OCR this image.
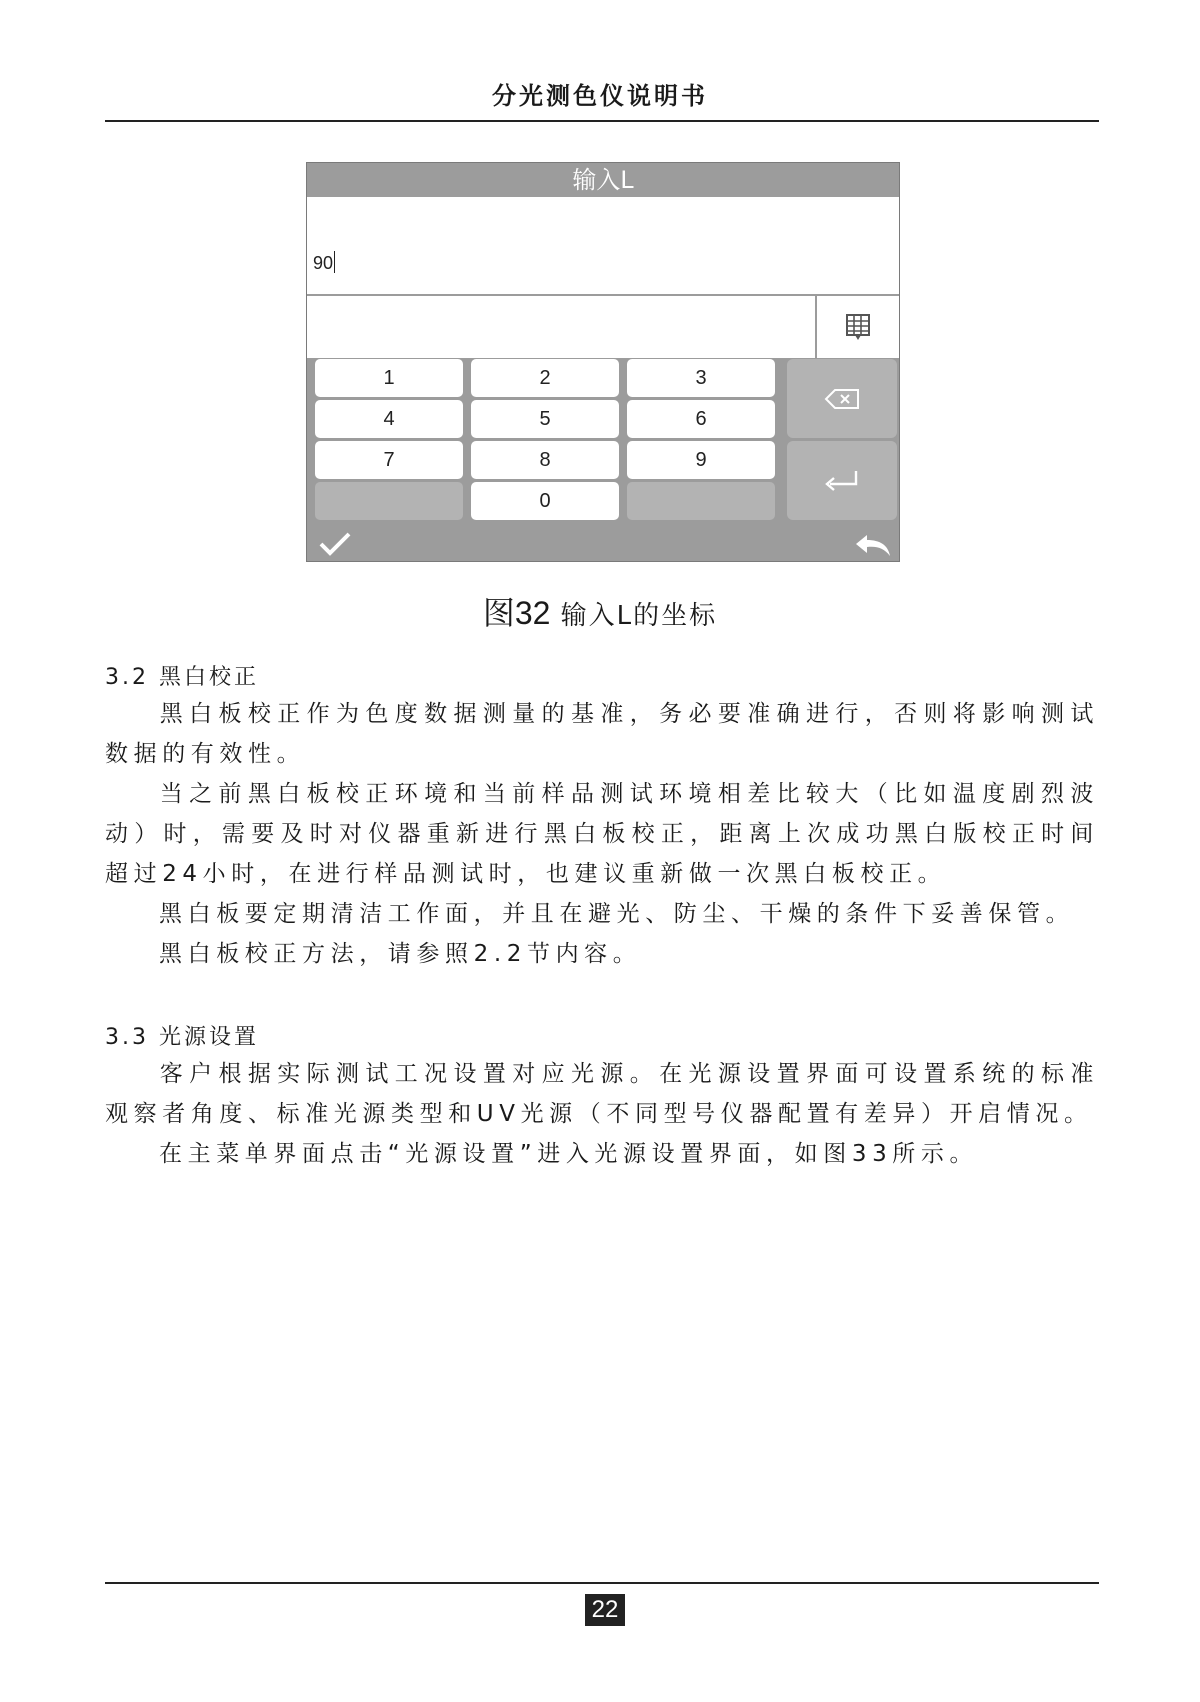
分光测色仪说明书
输入L
90
1	2	3
4	5	6
7	8	9
0
图32 输入L的坐标
3.2 黑白校正
黑白板校正作为色度数据测量的基准，务必要准确进行，否则将影响测试数据的有效性。
当之前黑白板校正环境和当前样品测试环境相差比较大（比如温度剧烈波动）时，需要及时对仪器重新进行黑白板校正，距离上次成功黑白版校正时间超过24小时，在进行样品测试时，也建议重新做一次黑白板校正。
黑白板要定期清洁工作面，并且在避光、防尘、干燥的条件下妥善保管。
黑白板校正方法，请参照2.2节内容。
3.3 光源设置
客户根据实际测试工况设置对应光源。在光源设置界面可设置系统的标准观察者角度、标准光源类型和UV光源（不同型号仪器配置有差异）开启情况。
在主菜单界面点击“光源设置”进入光源设置界面，如图33所示。
22
